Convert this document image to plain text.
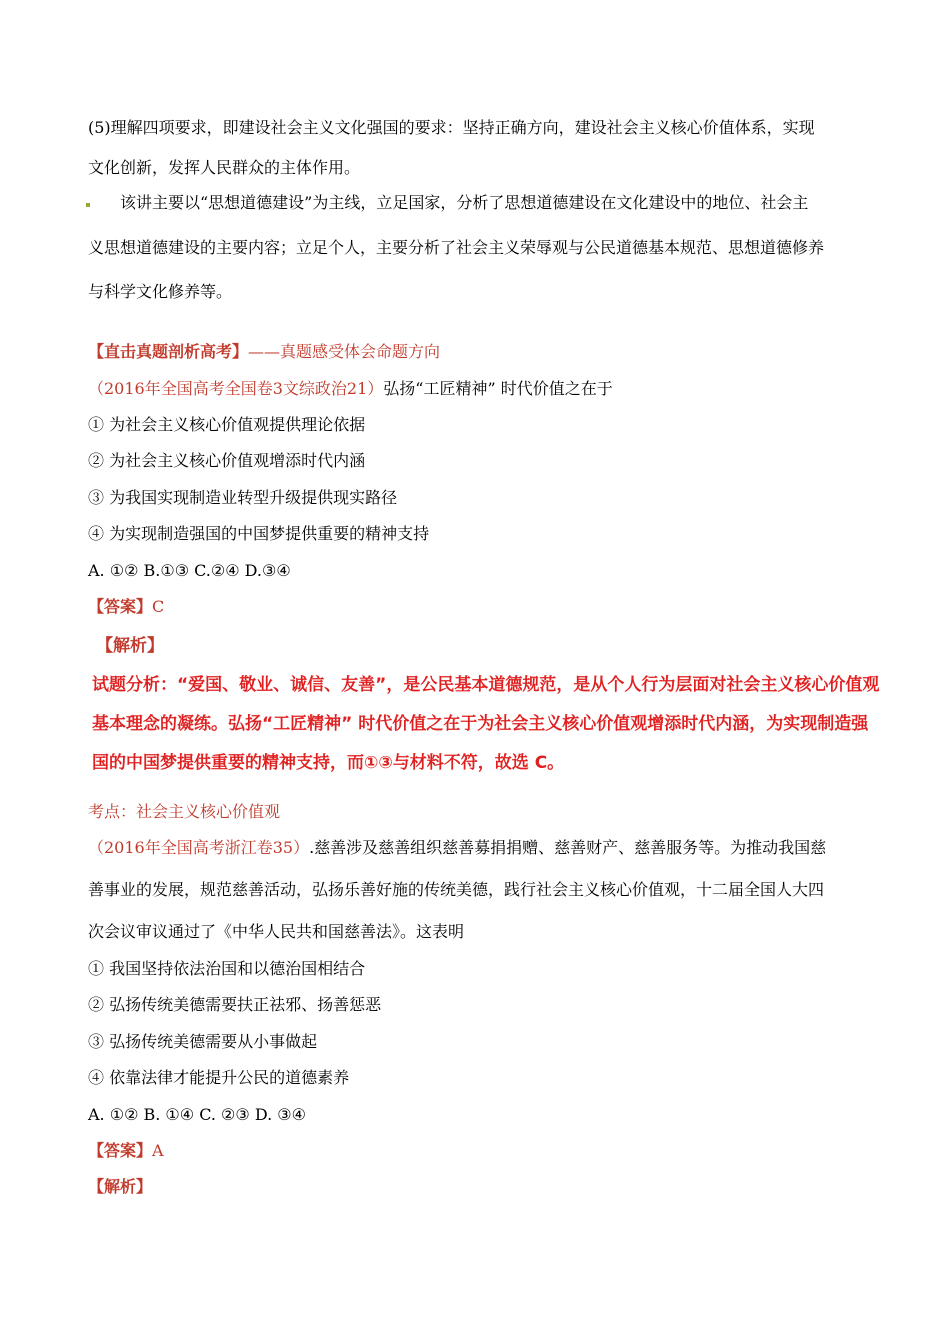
(5)理解四项要求，即建设社会主义文化强国的要求：坚持正确方向，建设社会主义核心价值体系，实现
文化创新，发挥人民群众的主体作用。
该讲主要以“思想道德建设”为主线，立足国家，分析了思想道德建设在文化建设中的地位、社会主
义思想道德建设的主要内容；立足个人，主要分析了社会主义荣辱观与公民道德基本规范、思想道德修养
与科学文化修养等。
【直击真题剖析高考】——真题感受体会命题方向
（2016年全国高考全国卷3文综政治21）弘扬“工匠精神” 时代价值之在于
① 为社会主义核心价值观提供理论依据
② 为社会主义核心价值观增添时代内涵
③ 为我国实现制造业转型升级提供现实路径
④ 为实现制造强国的中国梦提供重要的精神支持
A. ①② B.①③ C.②④ D.③④
【答案】C
【解析】
试题分析：“爱国、敬业、诚信、友善”，是公民基本道德规范，是从个人行为层面对社会主义核心价值观
基本理念的凝练。弘扬“工匠精神” 时代价值之在于为社会主义核心价值观增添时代内涵，为实现制造强
国的中国梦提供重要的精神支持，而①③与材料不符，故选 C。
考点：社会主义核心价值观
（2016年全国高考浙江卷35）.慈善涉及慈善组织慈善募捐捐赠、慈善财产、慈善服务等。为推动我国慈
善事业的发展，规范慈善活动，弘扬乐善好施的传统美德，践行社会主义核心价值观，十二届全国人大四
次会议审议通过了《中华人民共和国慈善法》。这表明
① 我国坚持依法治国和以德治国相结合
② 弘扬传统美德需要扶正祛邪、扬善惩恶
③ 弘扬传统美德需要从小事做起
④ 依靠法律才能提升公民的道德素养
A. ①② B. ①④ C. ②③ D. ③④
【答案】A
【解析】
